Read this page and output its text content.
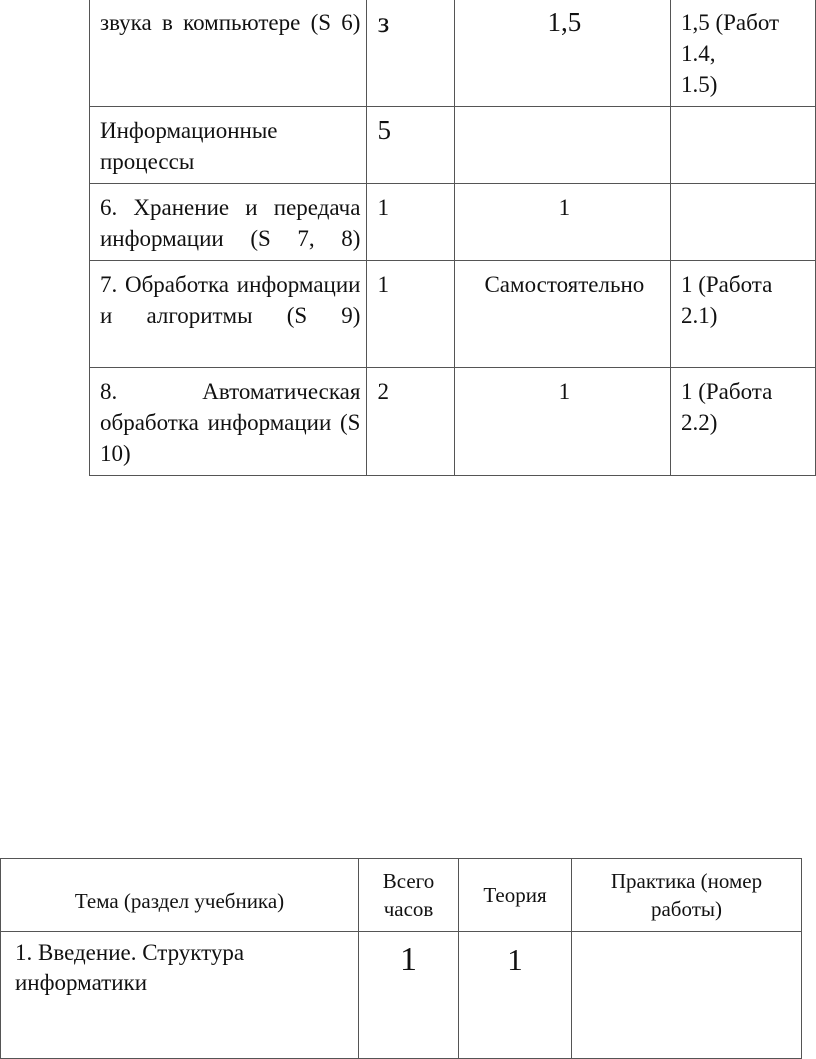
звука в компьютере (S 6)	з	1,5	1,5 (Работ
1.4,
1.5)
Информационные процессы	5		
6. Хранение и передача информации (S 7, 8)	1	1	
7. Обработка информации и алгоритмы (S 9)	1	Самостоятельно	1 (Работа
2.1)
8. Автоматическая обработка информации (S 10)	2	1	1 (Работа
2.2)
Тема (раздел учебника)	Всего часов	Теория	Практика (номер работы)
1. Введение. Структура информатики	1	1	
